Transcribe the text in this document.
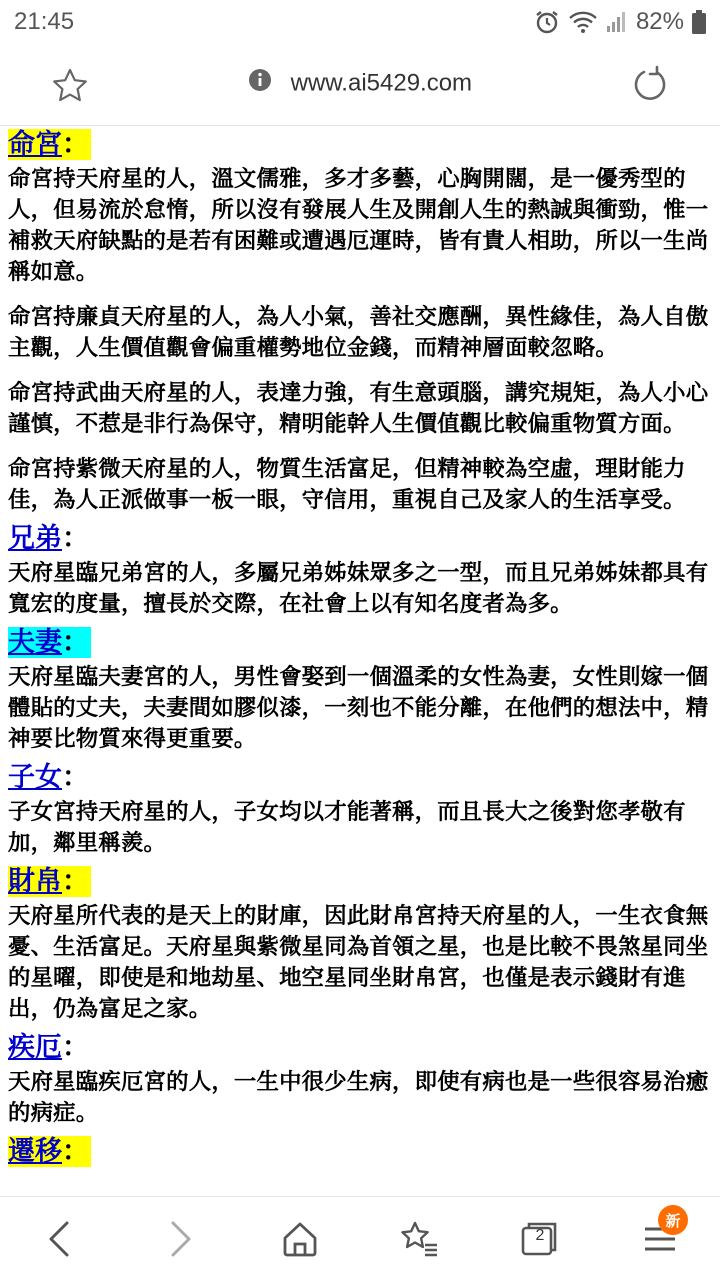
21:45	82%
www.ai5429.com
命宮：
命宮持天府星的人，溫文儒雅，多才多藝，心胸開闊，是一優秀型的人，但易流於怠惰，所以沒有發展人生及開創人生的熱誠與衝勁，惟一補救天府缺點的是若有困難或遭遇厄運時，皆有貴人相助，所以一生尚稱如意。
命宮持廉貞天府星的人，為人小氣，善社交應酬，異性緣佳，為人自傲主觀，人生價值觀會偏重權勢地位金錢，而精神層面較忽略。
命宮持武曲天府星的人，表達力強，有生意頭腦，講究規矩，為人小心謹慎，不惹是非行為保守，精明能幹人生價值觀比較偏重物質方面。
命宮持紫微天府星的人，物質生活富足，但精神較為空虛，理財能力佳，為人正派做事一板一眼，守信用，重視自己及家人的生活享受。
兄弟：
天府星臨兄弟宮的人，多屬兄弟姊妹眾多之一型，而且兄弟姊妹都具有寬宏的度量，擅長於交際，在社會上以有知名度者為多。
夫妻：
天府星臨夫妻宮的人，男性會娶到一個溫柔的女性為妻，女性則嫁一個體貼的丈夫，夫妻間如膠似漆，一刻也不能分離，在他們的想法中，精神要比物質來得更重要。
子女：
子女宮持天府星的人，子女均以才能著稱，而且長大之後對您孝敬有加，鄰里稱羨。
財帛：
天府星所代表的是天上的財庫，因此財帛宮持天府星的人，一生衣食無憂、生活富足。天府星與紫微星同為首領之星，也是比較不畏煞星同坐的星曜，即使是和地劫星、地空星同坐財帛宮，也僅是表示錢財有進出，仍為富足之家。
疾厄：
天府星臨疾厄宮的人，一生中很少生病，即使有病也是一些很容易治癒的病症。
遷移：
2
新
